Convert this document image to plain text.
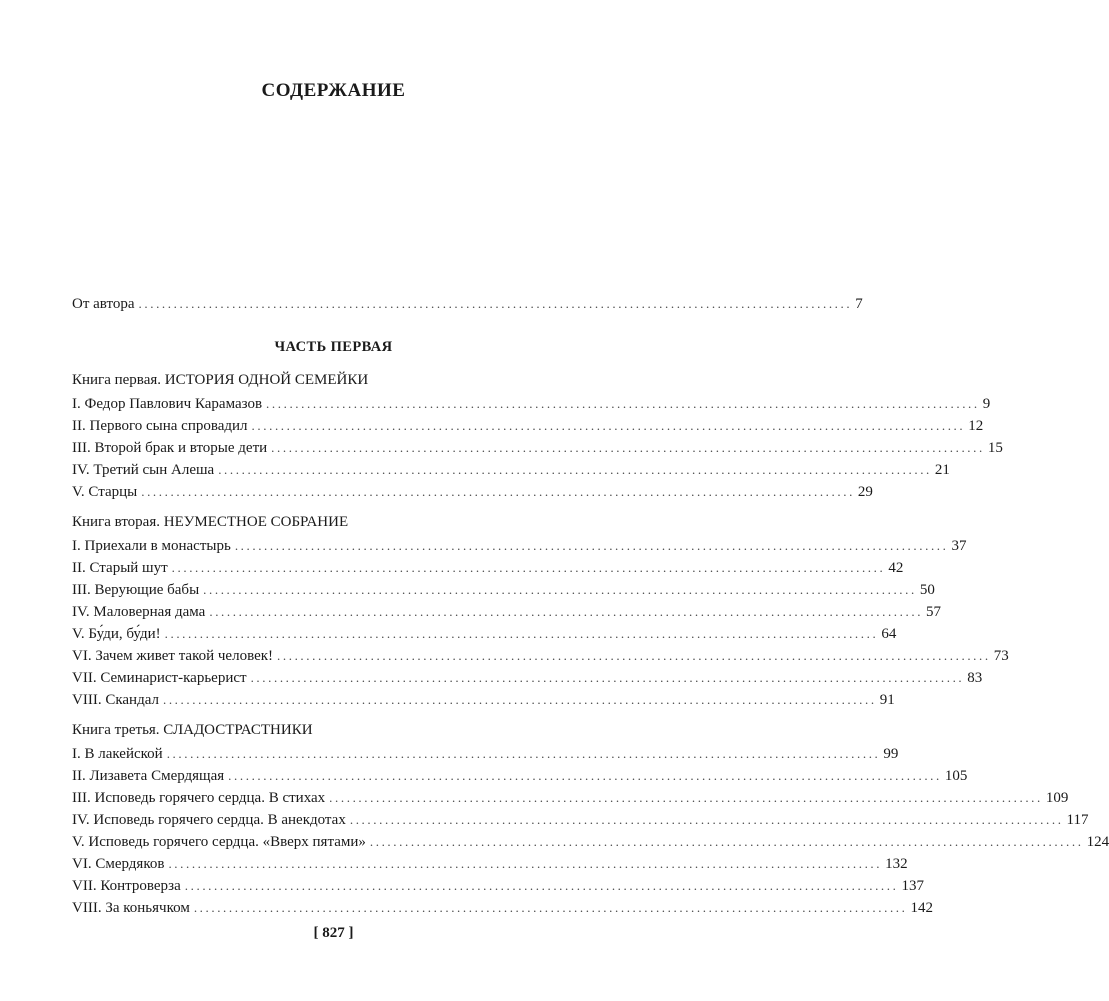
СОДЕРЖАНИЕ
От автора .......................................................................................................................... 7
ЧАСТЬ ПЕРВАЯ
Книга первая. ИСТОРИЯ ОДНОЙ СЕМЕЙКИ
I. Федор Павлович Карамазов .......................................................................................................................... 9
II. Первого сына спровадил .......................................................................................................................... 12
III. Второй брак и вторые дети .......................................................................................................................... 15
IV. Третий сын Алеша .......................................................................................................................... 21
V. Старцы .......................................................................................................................... 29
Книга вторая. НЕУМЕСТНОЕ СОБРАНИЕ
I. Приехали в монастырь .......................................................................................................................... 37
II. Старый шут .......................................................................................................................... 42
III. Верующие бабы .......................................................................................................................... 50
IV. Маловерная дама .......................................................................................................................... 57
V. Бу́ди, бу́ди! .......................................................................................................................... 64
VI. Зачем живет такой человек! .......................................................................................................................... 73
VII. Семинарист-карьерист .......................................................................................................................... 83
VIII. Скандал .......................................................................................................................... 91
Книга третья. СЛАДОСТРАСТНИКИ
I. В лакейской .......................................................................................................................... 99
II. Лизавета Смердящая .......................................................................................................................... 105
III. Исповедь горячего сердца. В стихах .......................................................................................................................... 109
IV. Исповедь горячего сердца. В анекдотах .......................................................................................................................... 117
V. Исповедь горячего сердца. «Вверх пятами» .......................................................................................................................... 124
VI. Смердяков .......................................................................................................................... 132
VII. Контроверза .......................................................................................................................... 137
VIII. За коньячком .......................................................................................................................... 142
[ 827 ]
